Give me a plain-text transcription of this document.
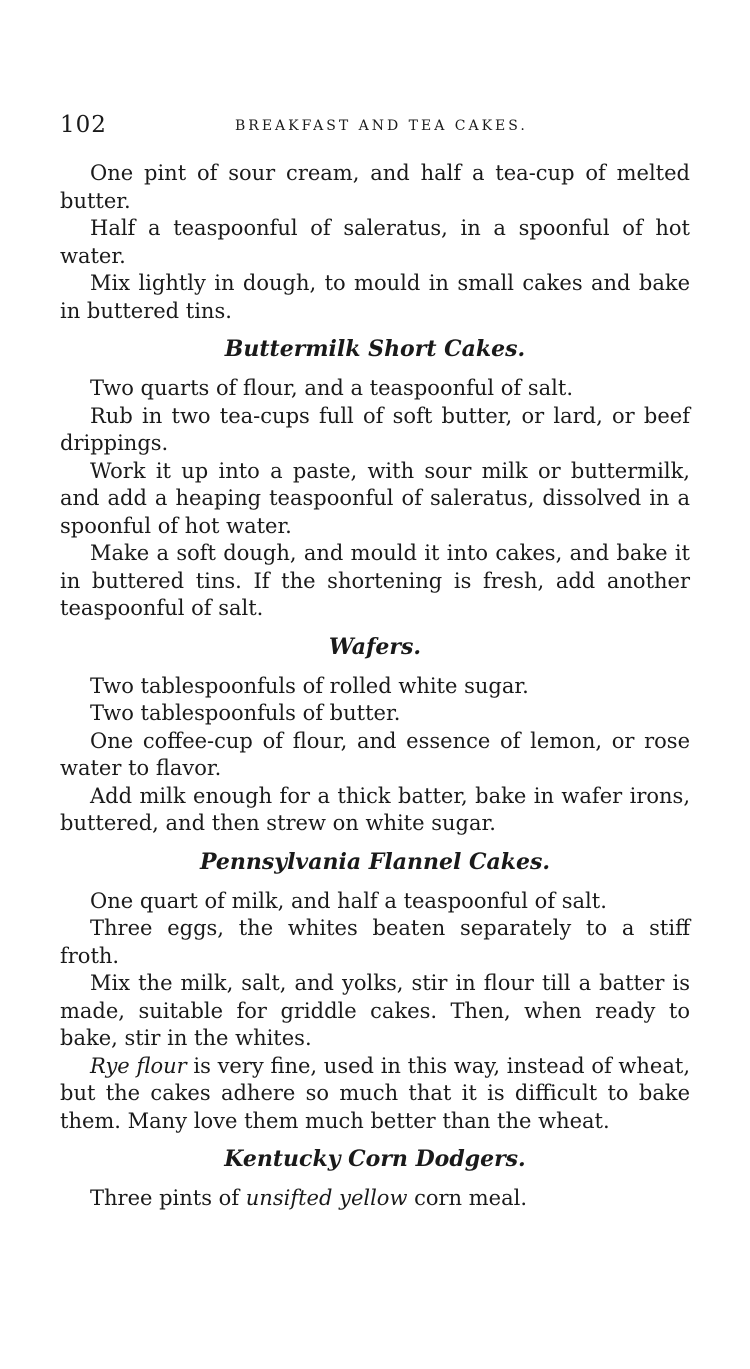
102	BREAKFAST AND TEA CAKES.

One pint of sour cream, and half a tea-cup of melted butter.

Half a teaspoonful of saleratus, in a spoonful of hot water.

Mix lightly in dough, to mould in small cakes and bake in buttered tins.

Buttermilk Short Cakes.

Two quarts of flour, and a teaspoonful of salt.

Rub in two tea-cups full of soft butter, or lard, or beef drippings.

Work it up into a paste, with sour milk or buttermilk, and add a heaping teaspoonful of saleratus, dissolved in a spoonful of hot water.

Make a soft dough, and mould it into cakes, and bake it in buttered tins. If the shortening is fresh, add another teaspoonful of salt.

Wafers.

Two tablespoonfuls of rolled white sugar.

Two tablespoonfuls of butter.

One coffee-cup of flour, and essence of lemon, or rose water to flavor.

Add milk enough for a thick batter, bake in wafer irons, buttered, and then strew on white sugar.

Pennsylvania Flannel Cakes.

One quart of milk, and half a teaspoonful of salt.

Three eggs, the whites beaten separately to a stiff froth.

Mix the milk, salt, and yolks, stir in flour till a batter is made, suitable for griddle cakes. Then, when ready to bake, stir in the whites.

Rye flour is very fine, used in this way, instead of wheat, but the cakes adhere so much that it is difficult to bake them. Many love them much better than the wheat.

Kentucky Corn Dodgers.

Three pints of unsifted yellow corn meal.
